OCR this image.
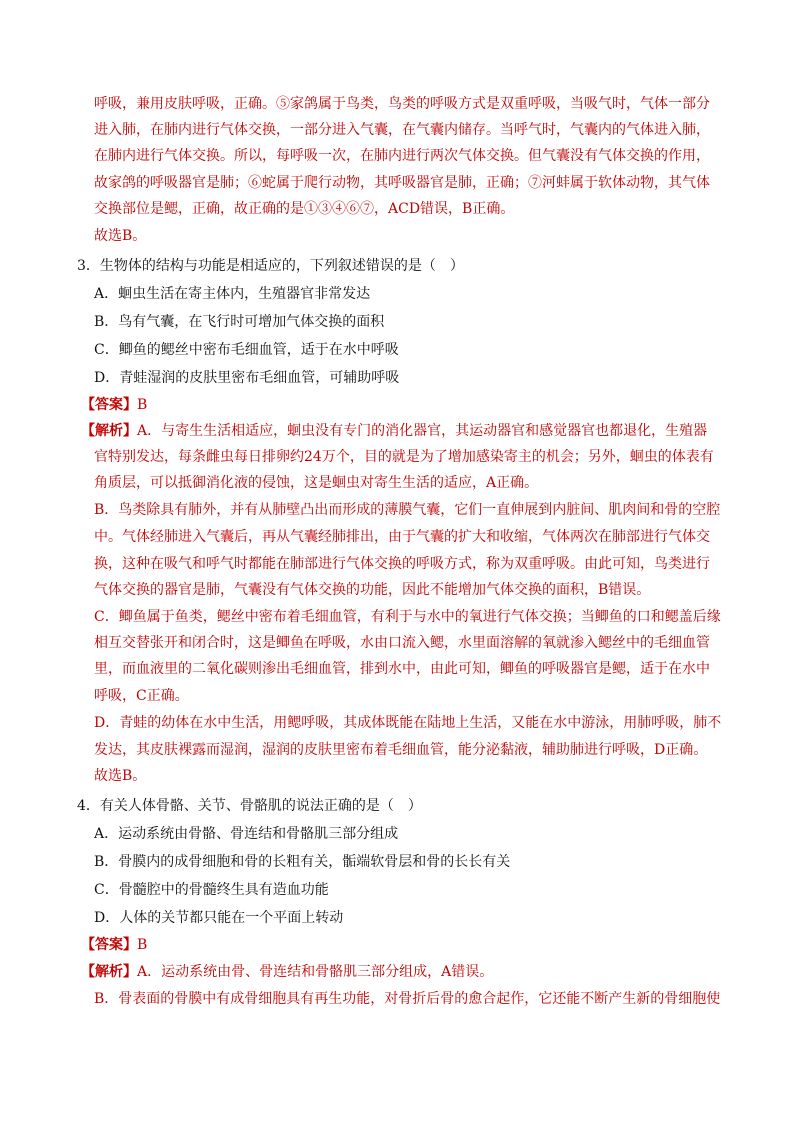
呼吸，兼用皮肤呼吸，正确。⑤家鸽属于鸟类，鸟类的呼吸方式是双重呼吸，当吸气时，气体一部分
进入肺，在肺内进行气体交换，一部分进入气囊，在气囊内储存。当呼气时，气囊内的气体进入肺，
在肺内进行气体交换。所以，每呼吸一次，在肺内进行两次气体交换。但气囊没有气体交换的作用，
故家鸽的呼吸器官是肺；⑥蛇属于爬行动物，其呼吸器官是肺，正确；⑦河蚌属于软体动物，其气体
交换部位是鳃，正确，故正确的是①③④⑥⑦，ACD错误，B正确。
故选B。
3．生物体的结构与功能是相适应的，下列叙述错误的是（　）
A．蛔虫生活在寄主体内，生殖器官非常发达
B．鸟有气囊，在飞行时可增加气体交换的面积
C．鲫鱼的鳃丝中密布毛细血管，适于在水中呼吸
D．青蛙湿润的皮肤里密布毛细血管，可辅助呼吸
【答案】B
【解析】A．与寄生生活相适应，蛔虫没有专门的消化器官，其运动器官和感觉器官也都退化，生殖器
官特别发达，每条雌虫每日排卵约24万个，目的就是为了增加感染寄主的机会；另外，蛔虫的体表有
角质层，可以抵御消化液的侵蚀，这是蛔虫对寄生生活的适应，A正确。
B．鸟类除具有肺外，并有从肺壁凸出而形成的薄膜气囊，它们一直伸展到内脏间、肌肉间和骨的空腔
中。气体经肺进入气囊后，再从气囊经肺排出，由于气囊的扩大和收缩，气体两次在肺部进行气体交
换，这种在吸气和呼气时都能在肺部进行气体交换的呼吸方式，称为双重呼吸。由此可知，鸟类进行
气体交换的器官是肺，气囊没有气体交换的功能，因此不能增加气体交换的面积，B错误。
C．鲫鱼属于鱼类，鳃丝中密布着毛细血管，有利于与水中的氧进行气体交换；当鲫鱼的口和鳃盖后缘
相互交替张开和闭合时，这是鲫鱼在呼吸，水由口流入鳃，水里面溶解的氧就渗入鳃丝中的毛细血管
里，而血液里的二氧化碳则渗出毛细血管，排到水中，由此可知，鲫鱼的呼吸器官是鳃，适于在水中
呼吸，C正确。
D．青蛙的幼体在水中生活，用鳃呼吸，其成体既能在陆地上生活，又能在水中游泳，用肺呼吸，肺不
发达，其皮肤裸露而湿润，湿润的皮肤里密布着毛细血管，能分泌黏液，辅助肺进行呼吸，D正确。
故选B。
4．有关人体骨骼、关节、骨骼肌的说法正确的是（　）
A．运动系统由骨骼、骨连结和骨骼肌三部分组成
B．骨膜内的成骨细胞和骨的长粗有关，骺端软骨层和骨的长长有关
C．骨髓腔中的骨髓终生具有造血功能
D．人体的关节都只能在一个平面上转动
【答案】B
【解析】A．运动系统由骨、骨连结和骨骼肌三部分组成，A错误。
B．骨表面的骨膜中有成骨细胞具有再生功能，对骨折后骨的愈合起作，它还能不断产生新的骨细胞使
